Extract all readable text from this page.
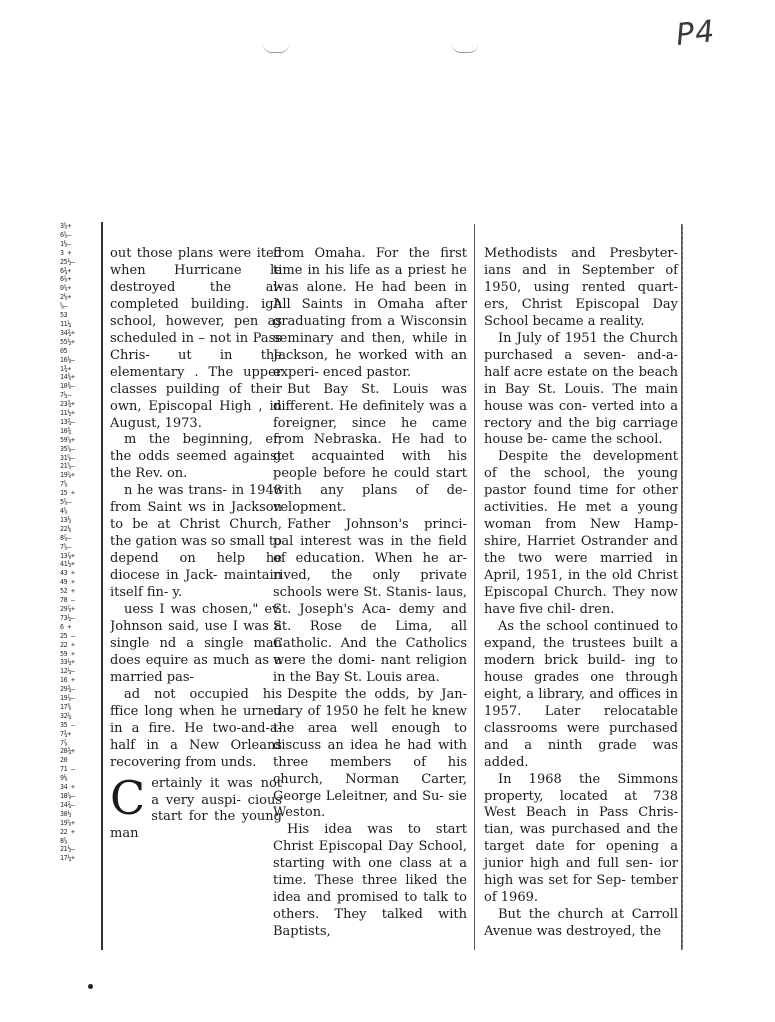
P4
3⅝+
6⅝–
1⅛–
3 +
25½–
6¾+
6⅞+
0⅝+
2⅛+
⅝–
53
11¼
34¾+
55½+
05
16⅛–
1¾+
14⅜+
10⅜–
7¼–
23¾+
11½+
13¾–
10¾
59⅝+
35⅝–
31⅝–
21⅝–
19⅝+
7⅝
15 +
5⅝–
4⅝
13½
22⅛
8⅞–
7⅝–
13⅞+
41½+
43 +
49 +
52 +
78 –
29⅞+
73¼–
6 +
25 –
22 +
59 +
33¼+
12¼–
16 +
29¾–
19⅞–
17⅜
32¼
35 –
7¾+
7⅞
28¾+
20
71 –
9⅛
34 +
18⅝–
14¾–
30½
19⅝+
22 +
8⅝
21½–
17¼+

out those plans were ited when Hurricane le destroyed the al- completed building. igh school, however, pen as scheduled in – not in Pass Chris- ut in the elementary . The upper classes puilding of their own, Episcopal High , in August, 1973.

m the beginning, er, the odds seemed against the Rev. on.

n he was trans- in 1948 from Saint ws in Jackson to be at Christ Church, the gation was so small to depend on help he diocese in Jack- maintain itself fin- y.

uess I was chosen," ev. Johnson said, use I was a single nd a single man does equire as much as a married pas-

ad not occupied his ffice long when he urned in a fire. He two-and-a-half in a New Orleans recovering from unds.

Certainly it was not a very auspi- cious start for the young man

from Omaha. For the first time in his life as a priest he was alone. He had been in All Saints in Omaha after graduating from a Wisconsin seminary and then, while in Jackson, he worked with an experi- enced pastor.

But Bay St. Louis was different. He definitely was a foreigner, since he came from Nebraska. He had to get acquainted with his people before he could start with any plans of de- velopment.

Father Johnson's princi- pal interest was in the field of education. When he ar- rived, the only private schools were St. Stanis- laus, St. Joseph's Aca- demy and St. Rose de Lima, all Catholic. And the Catholics were the domi- nant religion in the Bay St. Louis area.

Despite the odds, by Jan- uary of 1950 he felt he knew the area well enough to discuss an idea he had with three members of his church, Norman Carter, George Leleitner, and Su- sie Weston.

His idea was to start Christ Episcopal Day School, starting with one class at a time. These three liked the idea and promised to talk to others. They talked with Baptists,

Methodists and Presbyter- ians and in September of 1950, using rented quart- ers, Christ Episcopal Day School became a reality.

In July of 1951 the Church purchased a seven- and-a-half acre estate on the beach in Bay St. Louis. The main house was con- verted into a rectory and the big carriage house be- came the school.

Despite the development of the school, the young pastor found time for other activities. He met a young woman from New Hamp- shire, Harriet Ostrander and the two were married in April, 1951, in the old Christ Episcopal Church. They now have five chil- dren.

As the school continued to expand, the trustees built a modern brick build- ing to house grades one through eight, a library, and offices in 1957. Later relocatable classrooms were purchased and a ninth grade was added.

In 1968 the Simmons property, located at 738 West Beach in Pass Chris- tian, was purchased and the target date for opening a junior high and full sen- ior high was set for Sep- tember of 1969.

But the church at Carroll Avenue was destroyed, the
